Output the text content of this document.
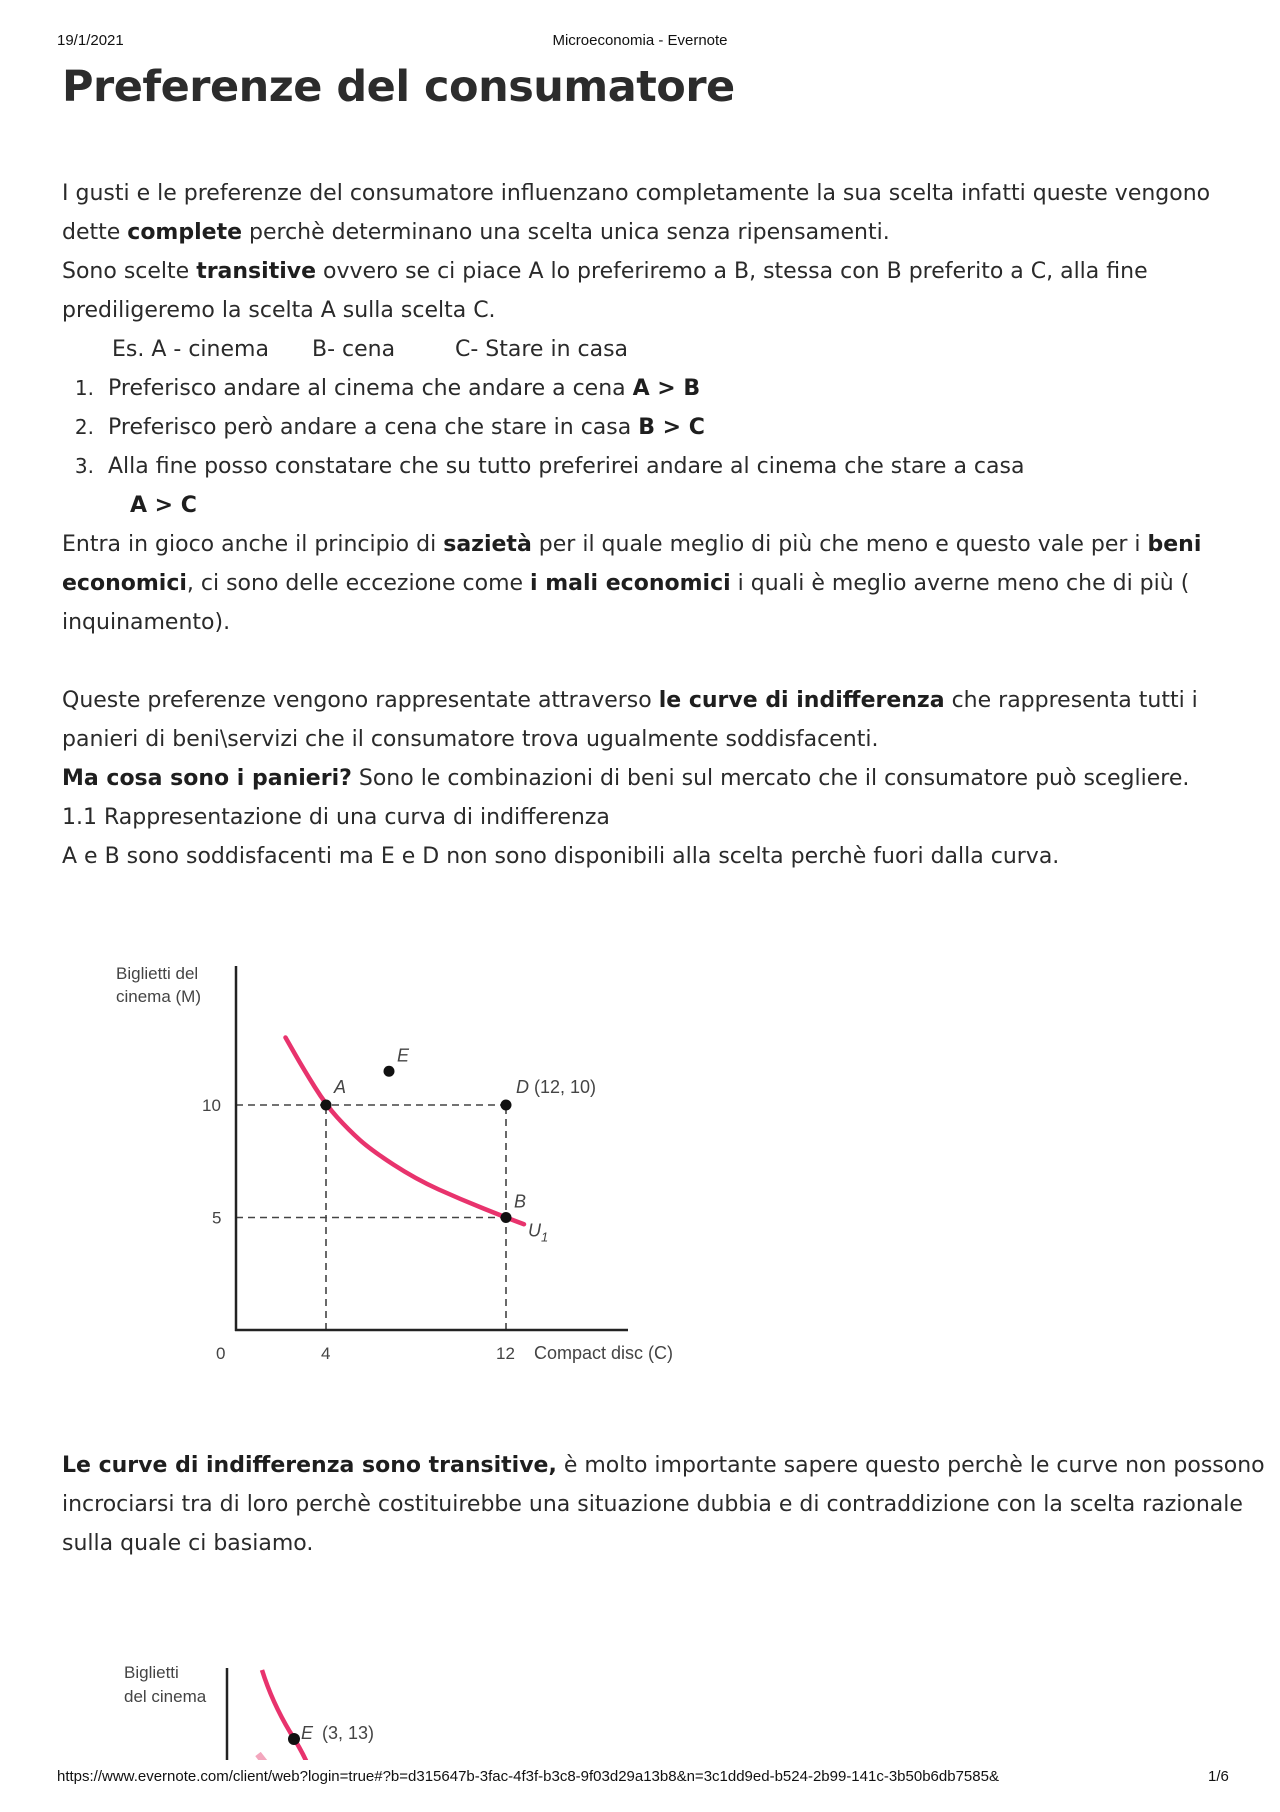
19/1/2021	Microeconomia - Evernote
Preferenze del consumatore
I gusti e le preferenze del consumatore influenzano completamente la sua scelta infatti queste vengono
dette complete perchè determinano una scelta unica senza ripensamenti.
Sono scelte transitive ovvero se ci piace A lo preferiremo a B, stessa con B preferito a C, alla fine
prediligeremo la scelta A sulla scelta C.
Es. A - cinema B- cena	C- Stare in casa
1. Preferisco andare al cinema che andare a cena A > B
2. Preferisco però andare a cena che stare in casa B > C
3. Alla fine posso constatare che su tutto preferirei andare al cinema che stare a casa
A > C
Entra in gioco anche il principio di sazietà per il quale meglio di più che meno e questo vale per i beni
economici, ci sono delle eccezione come i mali economici i quali è meglio averne meno che di più (
inquinamento).
Queste preferenze vengono rappresentate attraverso le curve di indifferenza che rappresenta tutti i
panieri di beni\servizi che il consumatore trova ugualmente soddisfacenti.
Ma cosa sono i panieri? Sono le combinazioni di beni sul mercato che il consumatore può scegliere.
1.1 Rappresentazione di una curva di indifferenza
A e B sono soddisfacenti ma E e D non sono disponibili alla scelta perchè fuori dalla curva.
Biglietti del
cinema (M)
0	4	12
5
10
A
B
D (12, 10)
E
Compact disc (C)
$U_1$
Le curve di indifferenza sono transitive, è molto importante sapere questo perchè le curve non possono
incrociarsi tra di loro perchè costituirebbe una situazione dubbia e di contraddizione con la scelta razionale
sulla quale ci basiamo.
Biglietti
del cinema
E (3, 13)
https://www.evernote.com/client/web?login=true#?b=d315647b-3fac-4f3f-b3c8-9f03d29a13b8&n=3c1dd9ed-b524-2b99-141c-3b50b6db7585&	1/6
